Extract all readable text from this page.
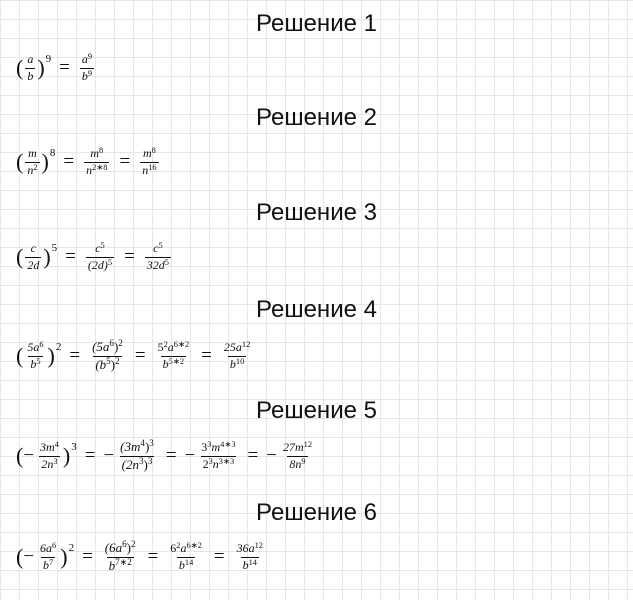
Решение 1
( $\frac{a}{b}$ ) $9 = \frac{a^9}{b^9}$
Решение 2
( $\frac{m}{n^2}$ ) $8 = \frac{m^8}{n^{2∗8}} = \frac{m^8}{n^{16}}$
Решение 3
( $\frac{c}{2d}$ ) $5 = \frac{c^5}{(2d)^5} = \frac{c^5}{32d^5}$
Решение 4
( $\frac{5a^6}{b^5}$ ) $2 = \frac{(5a^6)^2}{(b^5)^2} = \frac{5^2a^{6∗2}}{b^{5∗2}} = \frac{25a^{12}}{b^{10}}$
Решение 5
( − $\frac{3m^4}{2n^3}$ ) 3 = − $\frac{(3m^4)^3}{(2n^3)^3}$ = − $\frac{3^3m^{4∗3}}{2^3n^{3∗3}}$ = − $\frac{27m^{12}}{8n^9}$
Решение 6
( − $\frac{6a^6}{b^7}$ ) $2 = \frac{(6a^6)^2}{b^{7∗2}} = \frac{6^2a^{6∗2}}{b^{14}} = \frac{36a^{12}}{b^{14}}$
